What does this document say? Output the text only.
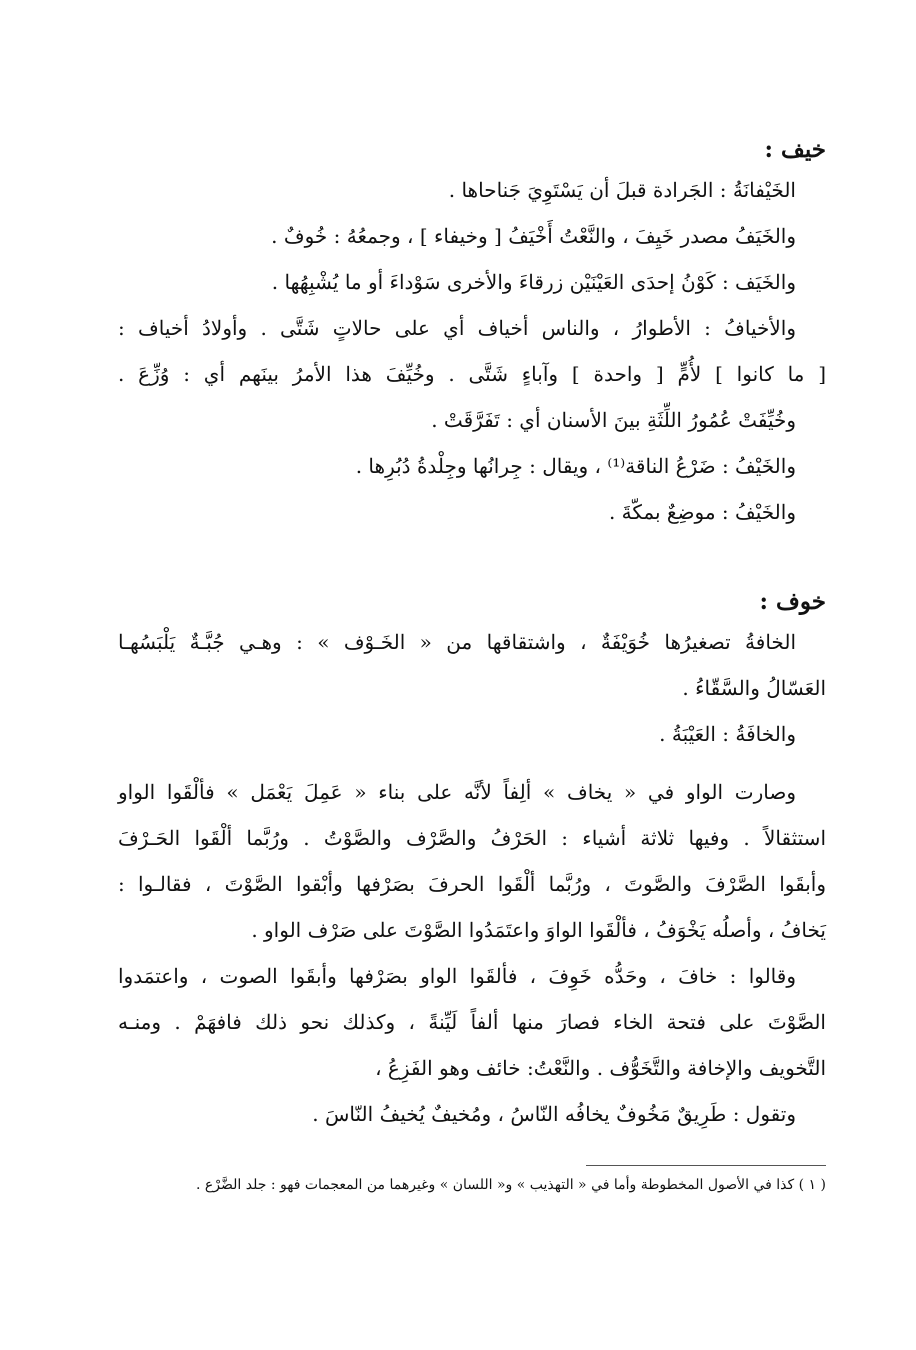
خيف :
الخَيْفانَةُ : الجَرادة قبلَ أن يَسْتَوِيَ جَناحاها .
والخَيَفُ مصدر خَيِفَ ، والنَّعْتُ أَخْيَفُ [ وخيفاء ] ، وجمعُهُ : خُوفٌ .
والخَيَف : كَوْنُ إحدَى العَيْنَيْن زرقاءَ والأخرى سَوْداءَ أو ما يُشْبِهُها .
والأخيافُ : الأطوارُ ، والناس أخياف أي على حالاتٍ شَتَّى . وأولادُ أخياف :
[ ما كانوا ] لأُمٍّ [ واحدة ] وآباءٍ شَتَّى . وخُيِّفَ هذا الأمرُ بينَهم أي : وُزِّعَ .
وخُيِّفَتْ عُمُورُ اللِّثَةِ بينَ الأسنان أي : تَفَرَّقَتْ .
والخَيْفُ : ضَرْعُ الناقة⁽¹⁾ ، ويقال : جِرانُها وجِلْدةُ دُبُرِها .
والخَيْفُ : موضِعٌ بمكّةَ .
خوف :
الخافةُ تصغيرُها خُوَيْفَةٌ ، واشتقاقها من « الخَـوْف » : وهـي جُبَّـةٌ يَلْبَسُهـا
العَسّالُ والسَّقّاءُ .
والخافَةُ : العَيْبَةُ .
وصارت الواو في « يخاف » ألِفاً لأنَّه على بناء « عَمِلَ يَعْمَل » فألْقَوا الواو
استثقالاً . وفيها ثلاثة أشياء : الحَرْفُ والصَّرْف والصَّوْتُ . ورُبَّما ألْقَوا الحَـرْفَ
وأبقَوا الصَّرْفَ والصَّوتَ ، ورُبَّما ألْقَوا الحرفَ بصَرْفها وأبْقوا الصَّوْتَ ، فقالـوا :
يَخافُ ، وأصلُه يَخْوَفُ ، فألْقَوا الواوَ واعتَمَدُوا الصَّوْتَ على صَرْف الواو .
وقالوا : خافَ ، وحَدُّه خَوِفَ ، فألقَوا الواو بصَرْفها وأبقَوا الصوت ، واعتمَدوا
الصَّوْتَ على فتحة الخاء فصارَ منها ألفاً لَيِّنةً ، وكذلك نحو ذلك فافهَمْ . ومنـه
التَّخويف والإخافة والتَّخَوُّف . والنَّعْتُ: خائف وهو الفَزِعُ ،
وتقول : طَرِيقٌ مَخُوفٌ يخافُه النّاسُ ، ومُخيفٌ يُخيفُ النّاسَ .
( ١ ) كذا في الأصول المخطوطة وأما في « التهذيب » و« اللسان » وغيرهما من المعجمات فهو : جلد الضَّرْع .
